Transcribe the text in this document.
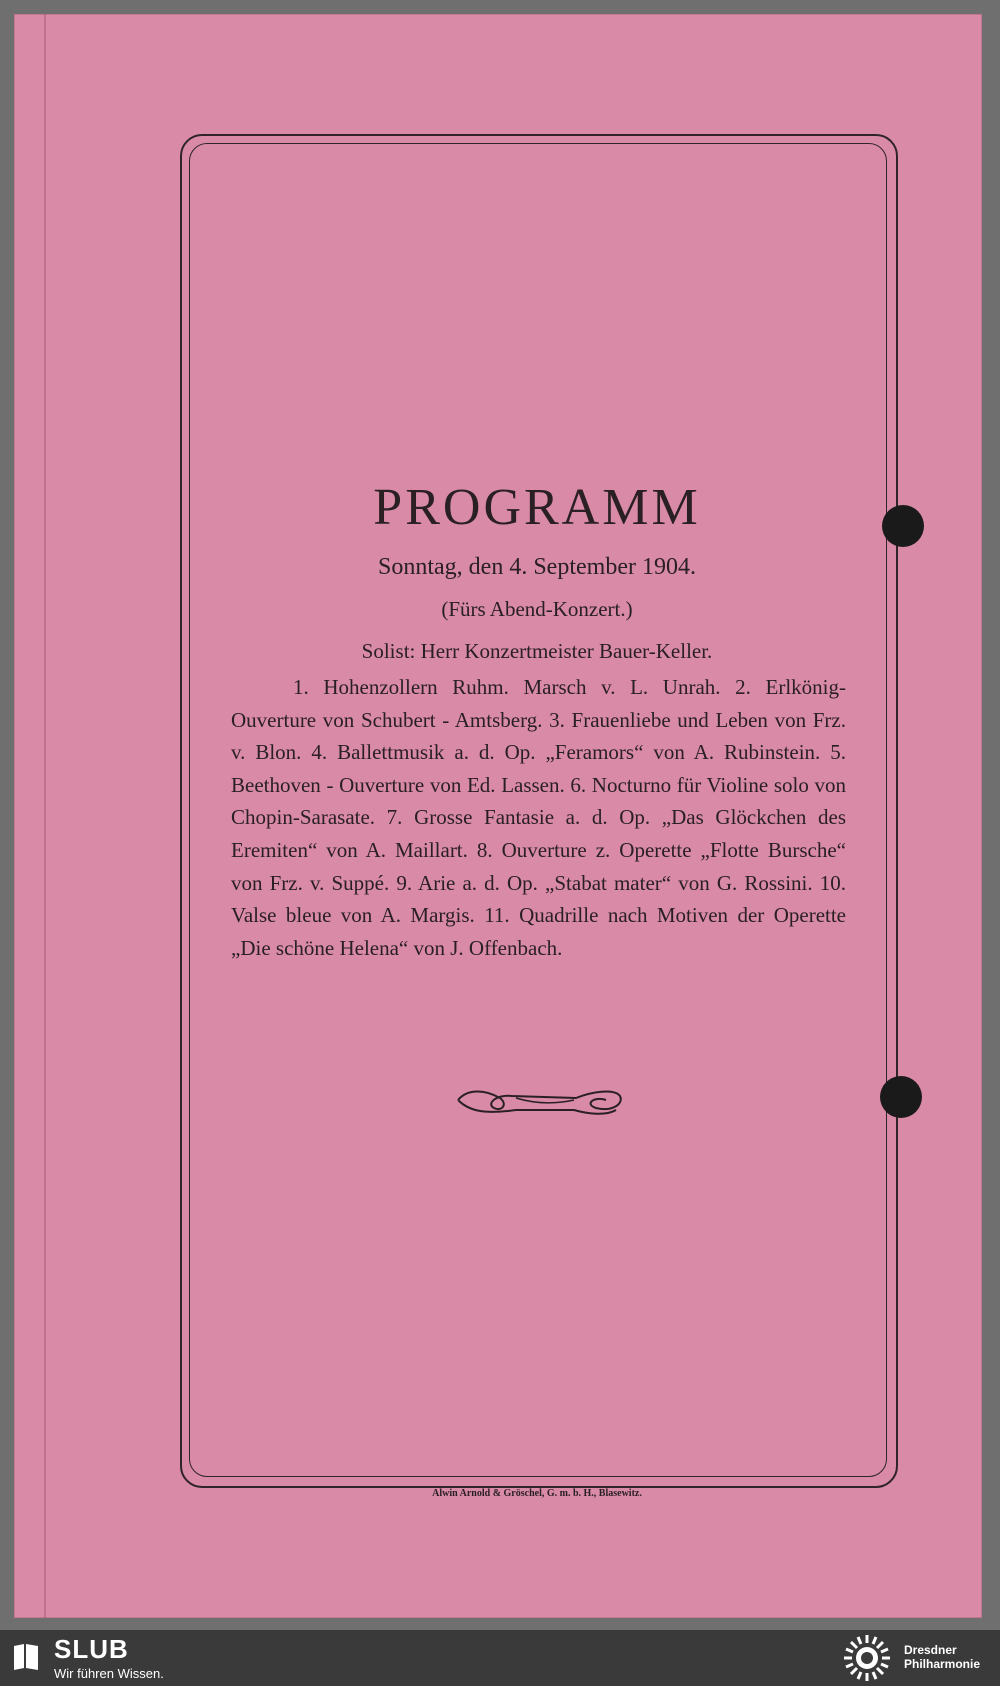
PROGRAMM
Sonntag, den 4. September 1904.
(Fürs Abend-Konzert.)
Solist: Herr Konzertmeister Bauer-Keller.
1. Hohenzollern Ruhm. Marsch v. L. Unrah. 2. Erlkönig-Ouverture von Schubert - Amtsberg. 3. Frauenliebe und Leben von Frz. v. Blon. 4. Ballettmusik a. d. Op. „Feramors“ von A. Rubinstein. 5. Beethoven - Ouverture von Ed. Lassen. 6. Nocturno für Violine solo von Chopin-Sarasate. 7. Grosse Fantasie a. d. Op. „Das Glöckchen des Eremiten“ von A. Maillart. 8. Ouverture z. Operette „Flotte Bursche“ von Frz. v. Suppé. 9. Arie a. d. Op. „Stabat mater“ von G. Rossini. 10. Valse bleue von A. Margis. 11. Quadrille nach Motiven der Operette „Die schöne Helena“ von J. Offenbach.
Alwin Arnold & Gröschel, G. m. b. H., Blasewitz.
SLUB
Wir führen Wissen.
Dresdner
Philharmonie
